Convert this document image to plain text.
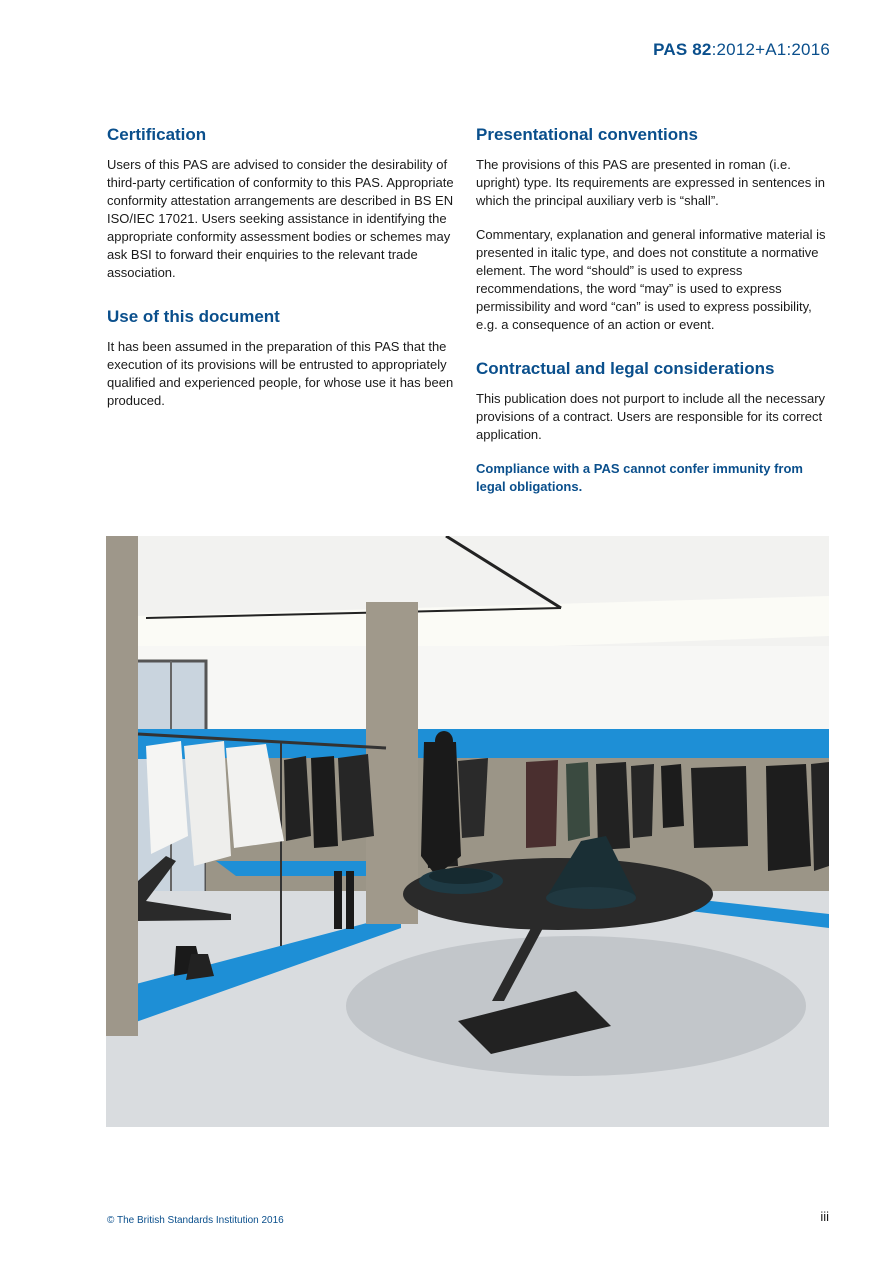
PAS 82:2012+A1:2016
Certification

Users of this PAS are advised to consider the desirability of third-party certification of conformity to this PAS. Appropriate conformity attestation arrangements are described in BS EN ISO/IEC 17021. Users seeking assistance in identifying the appropriate conformity assessment bodies or schemes may ask BSI to forward their enquiries to the relevant trade association.

Use of this document

It has been assumed in the preparation of this PAS that the execution of its provisions will be entrusted to appropriately qualified and experienced people, for whose use it has been produced.

Presentational conventions

The provisions of this PAS are presented in roman (i.e. upright) type. Its requirements are expressed in sentences in which the principal auxiliary verb is “shall”.

Commentary, explanation and general informative material is presented in italic type, and does not constitute a normative element. The word “should” is used to express recommendations, the word “may” is used to express permissibility and word “can” is used to express possibility, e.g. a consequence of an action or event.

Contractual and legal considerations

This publication does not purport to include all the necessary provisions of a contract. Users are responsible for its correct application.

Compliance with a PAS cannot confer immunity from legal obligations.

© The British Standards Institution 2016	iii
